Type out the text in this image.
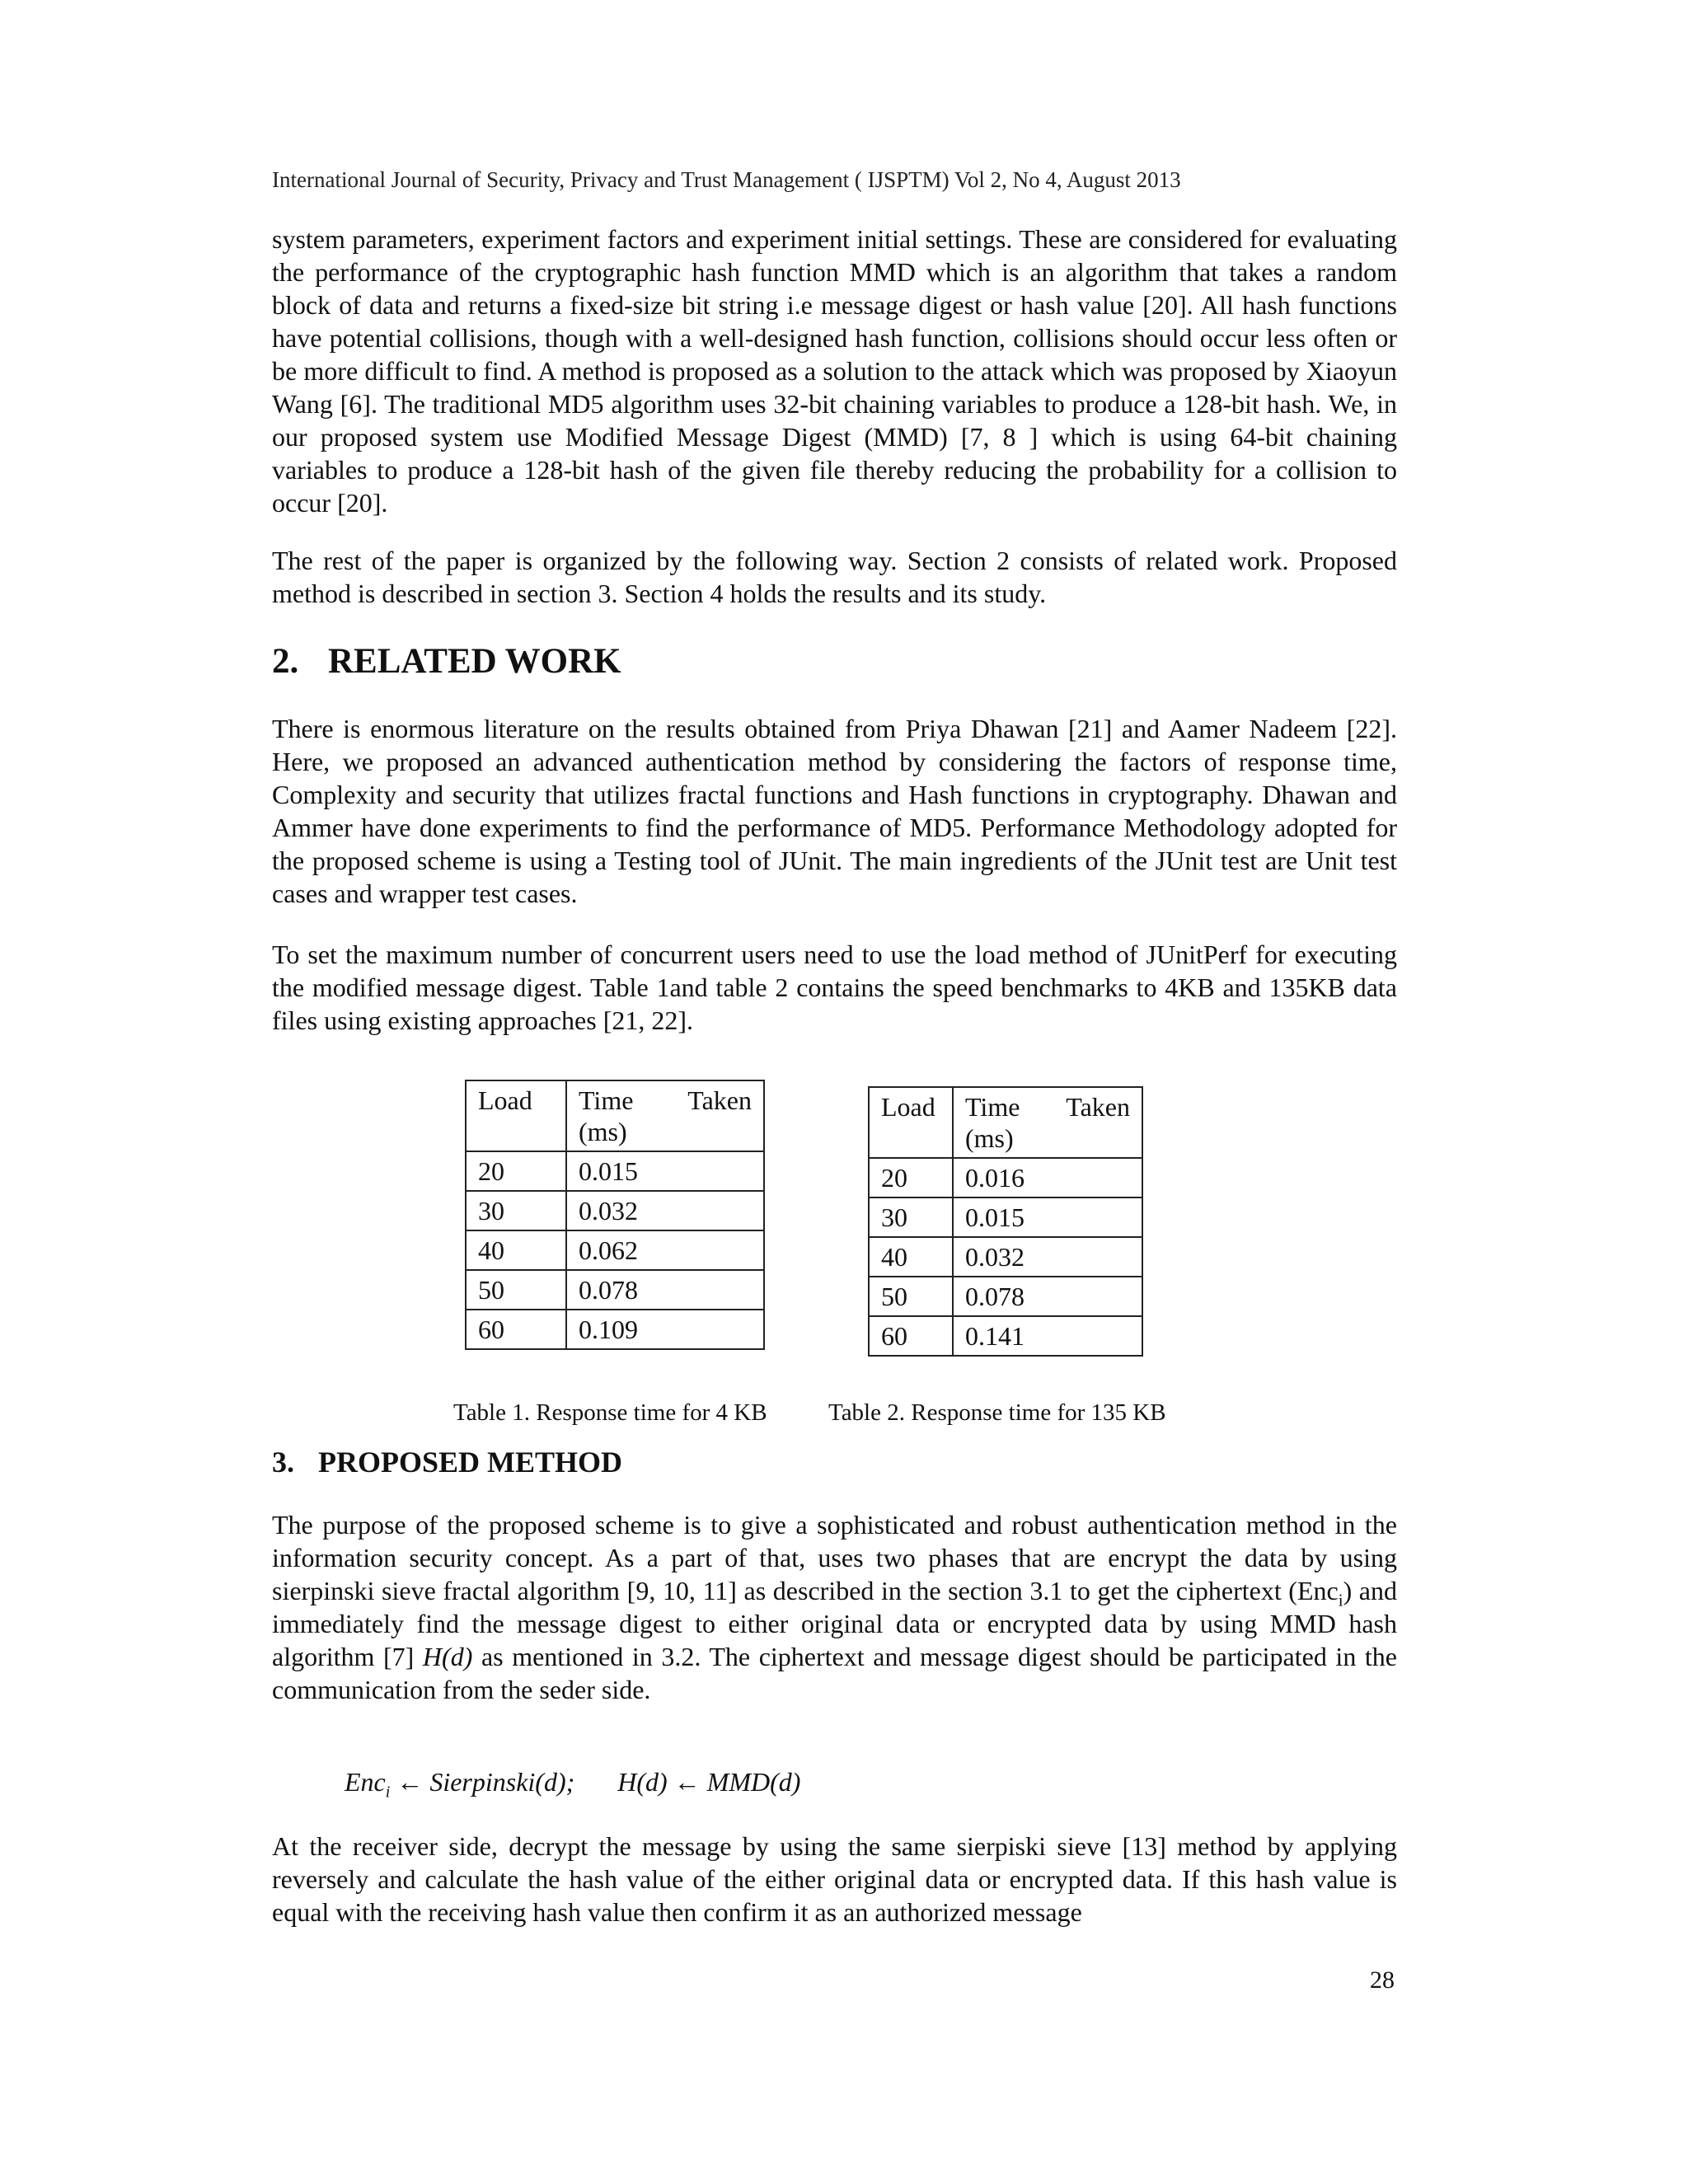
International Journal of Security, Privacy and Trust Management ( IJSPTM) Vol 2, No 4, August 2013

system parameters, experiment factors and experiment initial settings. These are considered for evaluating the performance of the cryptographic hash function MMD which is an algorithm that takes a random block of data and returns a fixed-size bit string i.e message digest or hash value [20]. All hash functions have potential collisions, though with a well-designed hash function, collisions should occur less often or be more difficult to find. A method is proposed as a solution to the attack which was proposed by Xiaoyun Wang [6]. The traditional MD5 algorithm uses 32-bit chaining variables to produce a 128-bit hash. We, in our proposed system use Modified Message Digest (MMD) [7, 8 ] which is using 64-bit chaining variables to produce a 128-bit hash of the given file thereby reducing the probability for a collision to occur [20].

The rest of the paper is organized by the following way. Section 2 consists of related work. Proposed method is described in section 3. Section 4 holds the results and its study.

2. RELATED WORK

There is enormous literature on the results obtained from Priya Dhawan [21] and Aamer Nadeem [22]. Here, we proposed an advanced authentication method by considering the factors of response time, Complexity and security that utilizes fractal functions and Hash functions in cryptography. Dhawan and Ammer have done experiments to find the performance of MD5. Performance Methodology adopted for the proposed scheme is using a Testing tool of JUnit. The main ingredients of the JUnit test are Unit test cases and wrapper test cases.

To set the maximum number of concurrent users need to use the load method of JUnitPerf for executing the modified message digest. Table 1and table 2 contains the speed benchmarks to 4KB and 135KB data files using existing approaches [21, 22].

Load	Time Taken
(ms)

20	0.015
30	0.032
40	0.062
50	0.078
60	0.109
Load	Time Taken
(ms)

20	0.016
30	0.015
40	0.032
50	0.078
60	0.141
Table 1. Response time for 4 KB	Table 2. Response time for 135 KB
3. PROPOSED METHOD

The purpose of the proposed scheme is to give a sophisticated and robust authentication method in the information security concept. As a part of that, uses two phases that are encrypt the data by using sierpinski sieve fractal algorithm [9, 10, 11] as described in the section 3.1 to get the ciphertext (Enc$_i$) and immediately find the message digest to either original data or encrypted data by using MMD hash algorithm [7] H(d) as mentioned in 3.2. The ciphertext and message digest should be participated in the communication from the seder side.

Enc$_i$ ← Sierpinski(d); H(d) ← MMD(d)

At the receiver side, decrypt the message by using the same sierpiski sieve [13] method by applying reversely and calculate the hash value of the either original data or encrypted data. If this hash value is equal with the receiving hash value then confirm it as an authorized message

28
